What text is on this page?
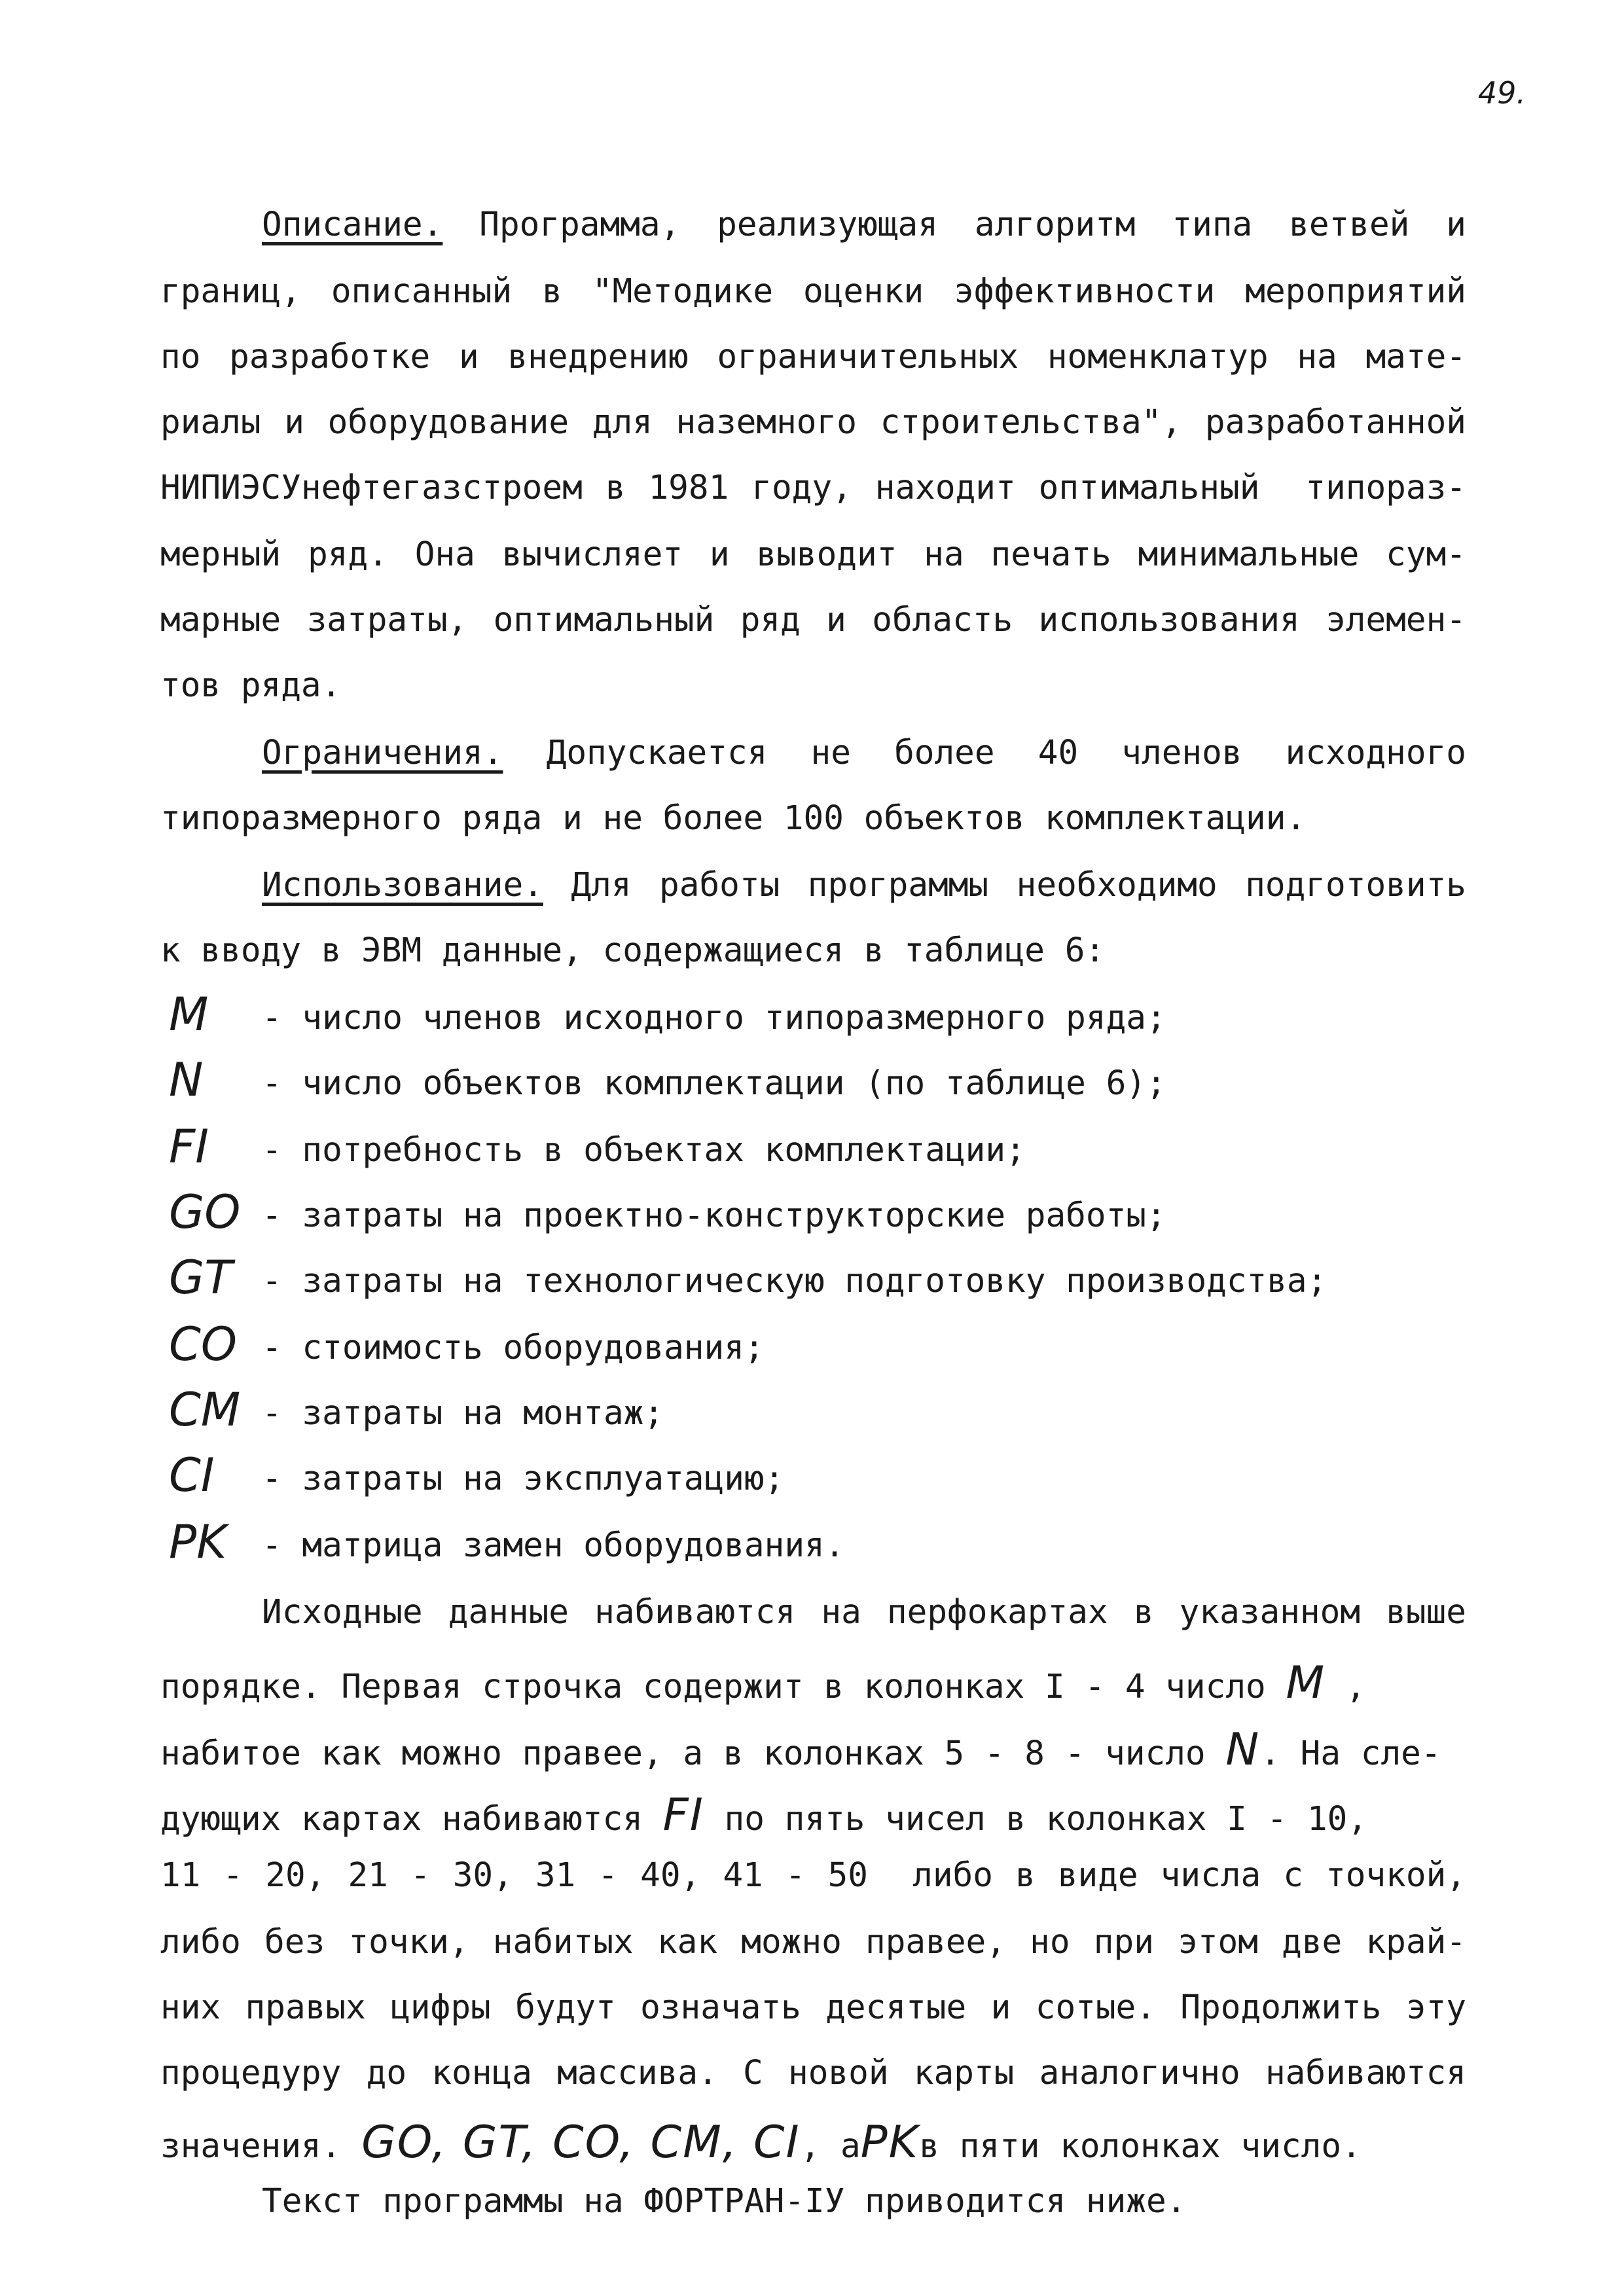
49.
Описание. Программа, реализующая алгоритм типа ветвей и
границ, описанный в "Методике оценки эффективности мероприятий
по разработке и внедрению ограничительных номенклатур на мате-
риалы и оборудование для наземного строительства", разработанной
НИПИЭСУнефтегазстроем в 1981 году, находит оптимальный  типораз-
мерный ряд. Она вычисляет и выводит на печать минимальные сум-
марные затраты, оптимальный ряд и область использования элемен-
тов ряда.
Ограничения. Допускается не более 40 членов исходного
типоразмерного ряда и не более 100 объектов комплектации.
Использование. Для работы программы необходимо подготовить
к вводу в ЭВМ данные, содержащиеся в таблице 6:
M	- число членов исходного типоразмерного ряда;
N	- число объектов комплектации (по таблице 6);
FI	- потребность в объектах комплектации;
GO - затраты на проектно-конструкторские работы;
GT - затраты на технологическую подготовку производства;
CO - стоимость оборудования;
CM - затраты на монтаж;
CI	- затраты на эксплуатацию;
PK	- матрица замен оборудования.
Исходные данные набиваются на перфокартах в указанном выше
порядке. Первая строчка содержит в колонках I - 4 число M ,
набитое как можно правее, а в колонках 5 - 8 - число N. На сле-
дующих картах набиваются FI по пять чисел в колонках I - 10,
11 - 20, 21 - 30, 31 - 40, 41 - 50  либо в виде числа с точкой,
либо без точки, набитых как можно правее, но при этом две край-
них правых цифры будут означать десятые и сотые. Продолжить эту
процедуру до конца массива. С новой карты аналогично набиваются
значения. GO, GT, CO, CM, CI, аPKв пяти колонках число.
Текст программы на ФОРТРАН-IУ приводится ниже.
